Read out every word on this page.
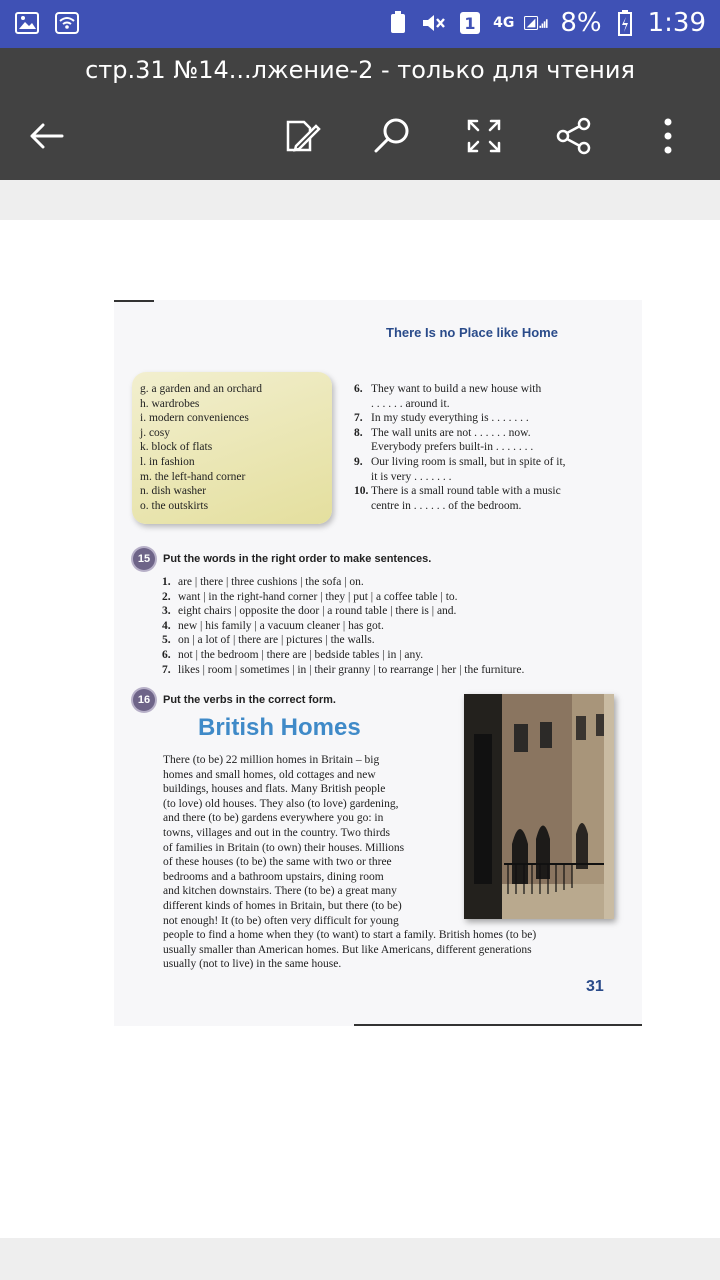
1 4G 8% 1:39
стр.31 №14...лжение-2 - только для чтения
There Is no Place like Home
g. a garden and an orchard
h. wardrobes
i. modern conveniences
j. cosy
k. block of flats
l. in fashion
m. the left-hand corner
n. dish washer
o. the outskirts
6. They want to build a new house with
. . . . . . around it.
7. In my study everything is . . . . . . .
8. The wall units are not . . . . . . now.
Everybody prefers built-in . . . . . . .
9. Our living room is small, but in spite of it,
it is very . . . . . . .
10. There is a small round table with a music
centre in . . . . . . of the bedroom.
15	Put the words in the right order to make sentences.
1. are | there | three cushions | the sofa | on.
2. want | in the right-hand corner | they | put | a coffee table | to.
3. eight chairs | opposite the door | a round table | there is | and.
4. new | his family | a vacuum cleaner | has got.
5. on | a lot of | there are | pictures | the walls.
6. not | the bedroom | there are | bedside tables | in | any.
7. likes | room | sometimes | in | their granny | to rearrange | her | the furniture.
16	Put the verbs in the correct form.
British Homes
There (to be) 22 million homes in Britain – big
homes and small homes, old cottages and new
buildings, houses and flats. Many British people
(to love) old houses. They also (to love) gardening,
and there (to be) gardens everywhere you go: in
towns, villages and out in the country. Two thirds
of families in Britain (to own) their houses. Millions
of these houses (to be) the same with two or three
bedrooms and a bathroom upstairs, dining room
and kitchen downstairs. There (to be) a great many
different kinds of homes in Britain, but there (to be)
not enough! It (to be) often very difficult for young
people to find a home when they (to want) to start a family. British homes (to be)
usually smaller than American homes. But like Americans, different generations
usually (not to live) in the same house.
31
